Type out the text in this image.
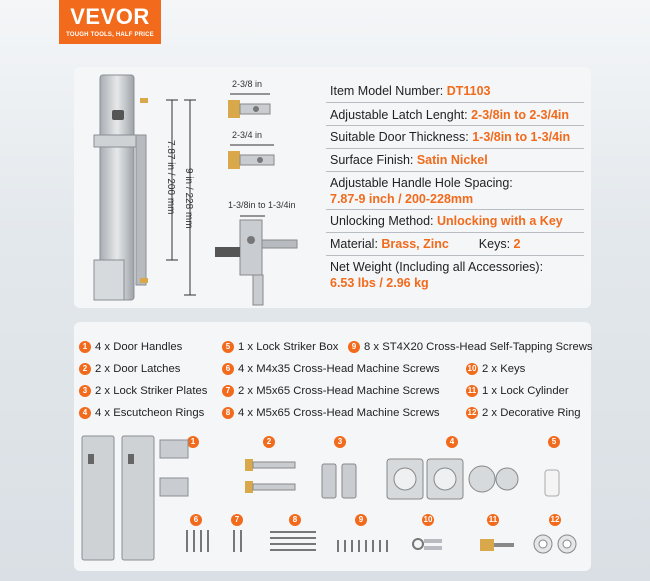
VEVOR
TOUGH TOOLS, HALF PRICE
7.87 in / 200 mm 9 in / 228 mm
2-3/8 in
2-3/4 in
1-3/8in to 1-3/4in
Item Model Number: DT1103
Adjustable Latch Lenght: 2-3/8in to 2-3/4in
Suitable Door Thickness: 1-3/8in to 1-3/4in
Surface Finish: Satin Nickel
Adjustable Handle Hole Spacing:
7.87-9 inch / 200-228mm
Unlocking Method: Unlocking with a Key
Material: Brass, Zinc Keys: 2
Net Weight (Including all Accessories):
6.53 lbs / 2.96 kg
1 4 x Door Handles
2 2 x Door Latches
3 2 x Lock Striker Plates
4 4 x Escutcheon Rings
5 1 x Lock Striker Box
6 4 x M4x35 Cross-Head Machine Screws
7 2 x M5x65 Cross-Head Machine Screws
8 4 x M5x65 Cross-Head Machine Screws
9 8 x ST4X20 Cross-Head Self-Tapping Screws
10 2 x Keys
11 1 x Lock Cylinder
12 2 x Decorative Ring
1	2	3	4	5
6	7	8	9	10	11	12
